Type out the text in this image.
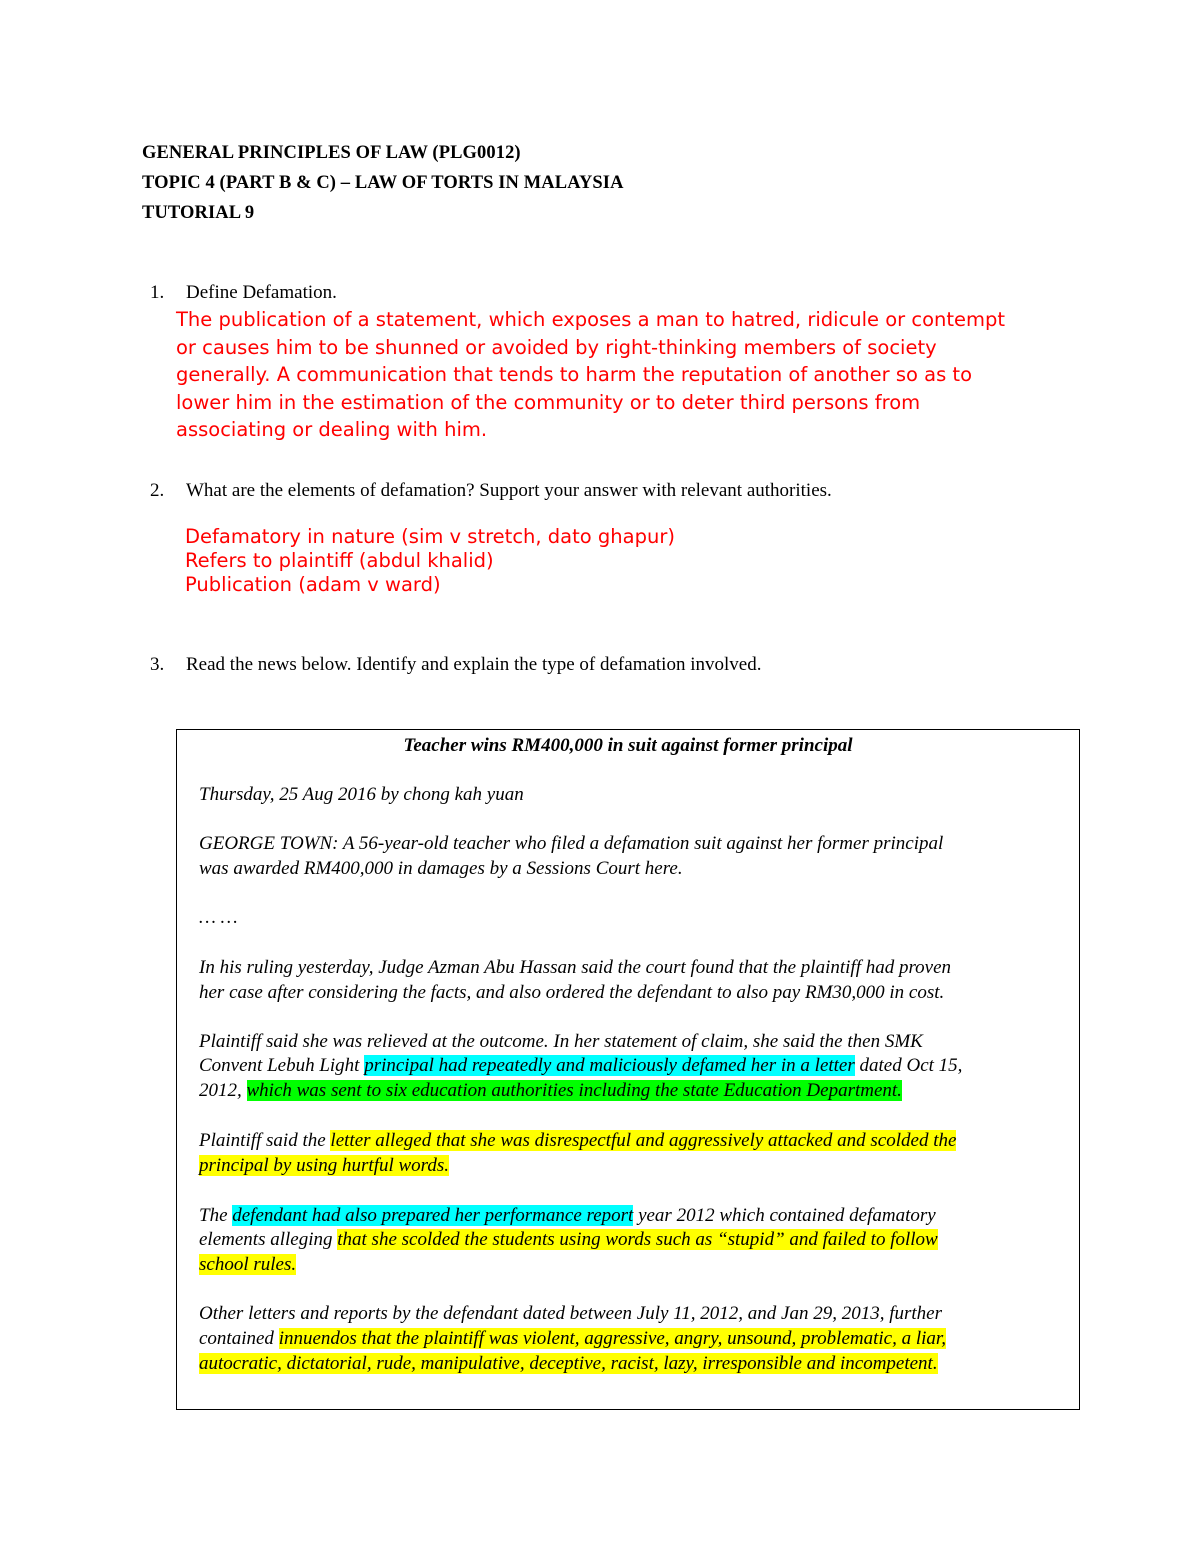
GENERAL PRINCIPLES OF LAW (PLG0012)
TOPIC 4 (PART B & C) – LAW OF TORTS IN MALAYSIA
TUTORIAL 9
1. Define Defamation.
The publication of a statement, which exposes a man to hatred, ridicule or contempt
or causes him to be shunned or avoided by right-thinking members of society
generally. A communication that tends to harm the reputation of another so as to
lower him in the estimation of the community or to deter third persons from
associating or dealing with him.
2. What are the elements of defamation? Support your answer with relevant authorities.
Defamatory in nature (sim v stretch, dato ghapur)
Refers to plaintiff (abdul khalid)
Publication (adam v ward)
3. Read the news below. Identify and explain the type of defamation involved.
Teacher wins RM400,000 in suit against former principal
Thursday, 25 Aug 2016 by chong kah yuan
GEORGE TOWN: A 56-year-old teacher who filed a defamation suit against her former principal
was awarded RM400,000 in damages by a Sessions Court here.
… …
In his ruling yesterday, Judge Azman Abu Hassan said the court found that the plaintiff had proven
her case after considering the facts, and also ordered the defendant to also pay RM30,000 in cost.
Plaintiff said she was relieved at the outcome. In her statement of claim, she said the then SMK
Convent Lebuh Light principal had repeatedly and maliciously defamed her in a letter dated Oct 15,
2012, which was sent to six education authorities including the state Education Department.
Plaintiff said the letter alleged that she was disrespectful and aggressively attacked and scolded the
principal by using hurtful words.
The defendant had also prepared her performance report year 2012 which contained defamatory
elements alleging that she scolded the students using words such as “stupid” and failed to follow
school rules.
Other letters and reports by the defendant dated between July 11, 2012, and Jan 29, 2013, further
contained innuendos that the plaintiff was violent, aggressive, angry, unsound, problematic, a liar,
autocratic, dictatorial, rude, manipulative, deceptive, racist, lazy, irresponsible and incompetent.
